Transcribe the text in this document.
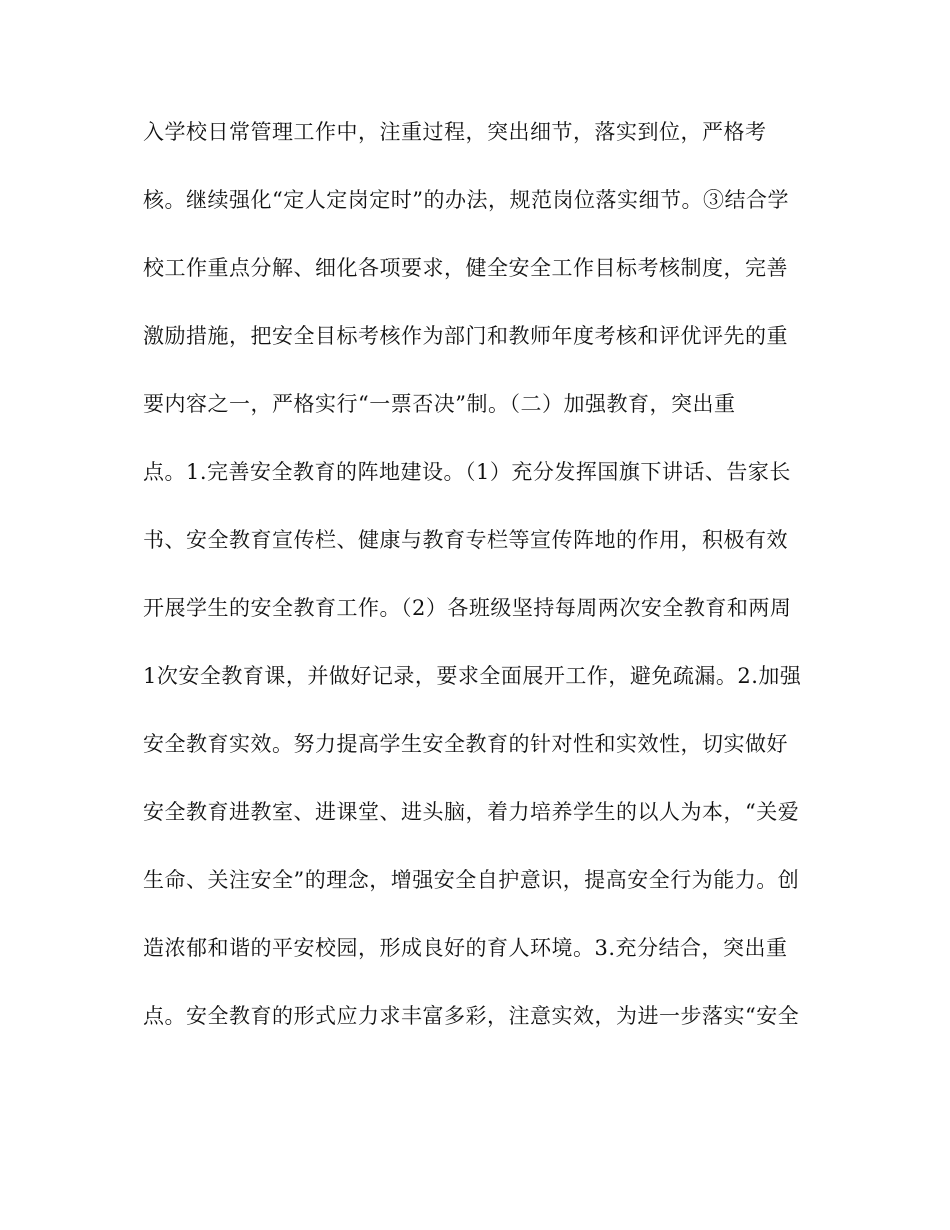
入学校日常管理工作中，注重过程，突出细节，落实到位，严格考

核。继续强化“定人定岗定时”的办法，规范岗位落实细节。③结合学

校工作重点分解、细化各项要求，健全安全工作目标考核制度，完善

激励措施，把安全目标考核作为部门和教师年度考核和评优评先的重

要内容之一，严格实行“一票否决”制。（二）加强教育，突出重

点。1.完善安全教育的阵地建设。（1）充分发挥国旗下讲话、告家长

书、安全教育宣传栏、健康与教育专栏等宣传阵地的作用，积极有效

开展学生的安全教育工作。（2）各班级坚持每周两次安全教育和两周

1次安全教育课，并做好记录，要求全面展开工作，避免疏漏。2.加强

安全教育实效。努力提高学生安全教育的针对性和实效性，切实做好

安全教育进教室、进课堂、进头脑，着力培养学生的以人为本，“关爱

生命、关注安全”的理念，增强安全自护意识，提高安全行为能力。创

造浓郁和谐的平安校园，形成良好的育人环境。3.充分结合，突出重

点。安全教育的形式应力求丰富多彩，注意实效，为进一步落实“安全
